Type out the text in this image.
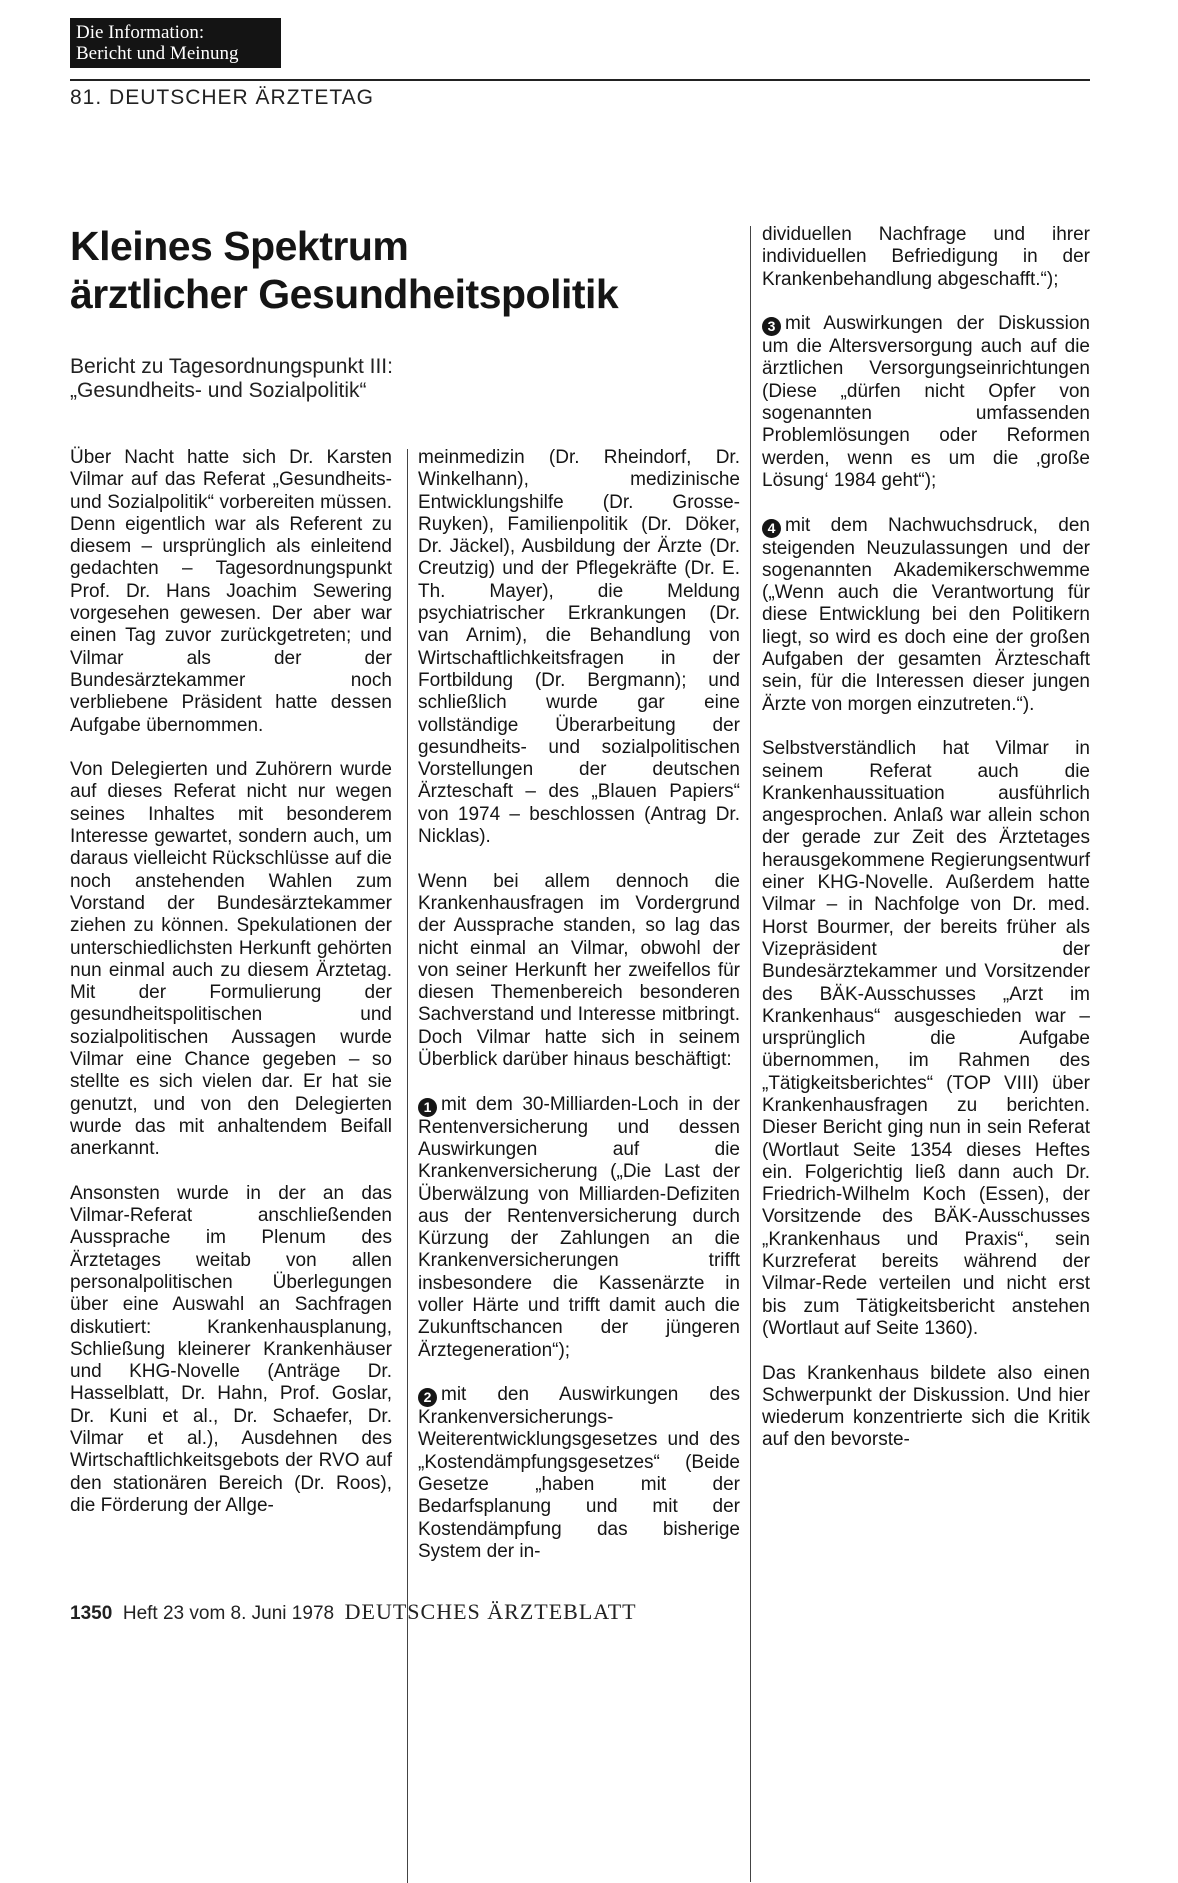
Die Information:
Bericht und Meinung
81. DEUTSCHER ÄRZTETAG
Kleines Spektrum
ärztlicher Gesundheitspolitik
Bericht zu Tagesordnungspunkt III:
„Gesundheits- und Sozialpolitik“

Über Nacht hatte sich Dr. Karsten Vilmar auf das Referat „Gesundheits- und Sozialpolitik“ vorbereiten müssen. Denn eigentlich war als Referent zu diesem – ursprünglich als einleitend gedachten – Tagesordnungspunkt Prof. Dr. Hans Joachim Sewering vorgesehen gewesen. Der aber war einen Tag zuvor zurückgetreten; und Vilmar als der der Bundesärztekammer noch verbliebene Präsident hatte dessen Aufgabe übernommen.

Von Delegierten und Zuhörern wurde auf dieses Referat nicht nur wegen seines Inhaltes mit besonderem Interesse gewartet, sondern auch, um daraus vielleicht Rückschlüsse auf die noch anstehenden Wahlen zum Vorstand der Bundesärztekammer ziehen zu können. Spekulationen der unterschiedlichsten Herkunft gehörten nun einmal auch zu diesem Ärztetag. Mit der Formulierung der gesundheitspolitischen und sozialpolitischen Aussagen wurde Vilmar eine Chance gegeben – so stellte es sich vielen dar. Er hat sie genutzt, und von den Delegierten wurde das mit anhaltendem Beifall anerkannt.

Ansonsten wurde in der an das Vilmar-Referat anschließenden Aussprache im Plenum des Ärztetages weitab von allen personalpolitischen Überlegungen über eine Auswahl an Sachfragen diskutiert: Krankenhausplanung, Schließung kleinerer Krankenhäuser und KHG-Novelle (Anträge Dr. Hasselblatt, Dr. Hahn, Prof. Goslar, Dr. Kuni et al., Dr. Schaefer, Dr. Vilmar et al.), Ausdehnen des Wirtschaftlichkeitsgebots der RVO auf den stationären Bereich (Dr. Roos), die Förderung der Allge-

meinmedizin (Dr. Rheindorf, Dr. Winkelhann), medizinische Entwicklungshilfe (Dr. Grosse-Ruyken), Familienpolitik (Dr. Döker, Dr. Jäckel), Ausbildung der Ärzte (Dr. Creutzig) und der Pflegekräfte (Dr. E. Th. Mayer), die Meldung psychiatrischer Erkrankungen (Dr. van Arnim), die Behandlung von Wirtschaftlichkeitsfragen in der Fortbildung (Dr. Bergmann); und schließlich wurde gar eine vollständige Überarbeitung der gesundheits- und sozialpolitischen Vorstellungen der deutschen Ärzteschaft – des „Blauen Papiers“ von 1974 – beschlossen (Antrag Dr. Nicklas).

Wenn bei allem dennoch die Krankenhausfragen im Vordergrund der Aussprache standen, so lag das nicht einmal an Vilmar, obwohl der von seiner Herkunft her zweifellos für diesen Themenbereich besonderen Sachverstand und Interesse mitbringt. Doch Vilmar hatte sich in seinem Überblick darüber hinaus beschäftigt:

1 mit dem 30-Milliarden-Loch in der Rentenversicherung und dessen Auswirkungen auf die Krankenversicherung („Die Last der Überwälzung von Milliarden-Defiziten aus der Rentenversicherung durch Kürzung der Zahlungen an die Krankenversicherungen trifft insbesondere die Kassenärzte in voller Härte und trifft damit auch die Zukunftschancen der jüngeren Ärztegeneration“);

2 mit den Auswirkungen des Krankenversicherungs-Weiterentwicklungsgesetzes und des „Kostendämpfungsgesetzes“ (Beide Gesetze „haben mit der Bedarfsplanung und mit der Kostendämpfung das bisherige System der in-

dividuellen Nachfrage und ihrer individuellen Befriedigung in der Krankenbehandlung abgeschafft.“);

3 mit Auswirkungen der Diskussion um die Altersversorgung auch auf die ärztlichen Versorgungseinrichtungen (Diese „dürfen nicht Opfer von sogenannten umfassenden Problemlösungen oder Reformen werden, wenn es um die ‚große Lösung‘ 1984 geht“);

4 mit dem Nachwuchsdruck, den steigenden Neuzulassungen und der sogenannten Akademikerschwemme („Wenn auch die Verantwortung für diese Entwicklung bei den Politikern liegt, so wird es doch eine der großen Aufgaben der gesamten Ärzteschaft sein, für die Interessen dieser jungen Ärzte von morgen einzutreten.“).

Selbstverständlich hat Vilmar in seinem Referat auch die Krankenhaussituation ausführlich angesprochen. Anlaß war allein schon der gerade zur Zeit des Ärztetages herausgekommene Regierungsentwurf einer KHG-Novelle. Außerdem hatte Vilmar – in Nachfolge von Dr. med. Horst Bourmer, der bereits früher als Vizepräsident der Bundesärztekammer und Vorsitzender des BÄK-Ausschusses „Arzt im Krankenhaus“ ausgeschieden war – ursprünglich die Aufgabe übernommen, im Rahmen des „Tätigkeitsberichtes“ (TOP VIII) über Krankenhausfragen zu berichten. Dieser Bericht ging nun in sein Referat (Wortlaut Seite 1354 dieses Heftes ein. Folgerichtig ließ dann auch Dr. Friedrich-Wilhelm Koch (Essen), der Vorsitzende des BÄK-Ausschusses „Krankenhaus und Praxis“, sein Kurzreferat bereits während der Vilmar-Rede verteilen und nicht erst bis zum Tätigkeitsbericht anstehen (Wortlaut auf Seite 1360).

Das Krankenhaus bildete also einen Schwerpunkt der Diskussion. Und hier wiederum konzentrierte sich die Kritik auf den bevorste-

1350 Heft 23 vom 8. Juni 1978 DEUTSCHES ÄRZTEBLATT
